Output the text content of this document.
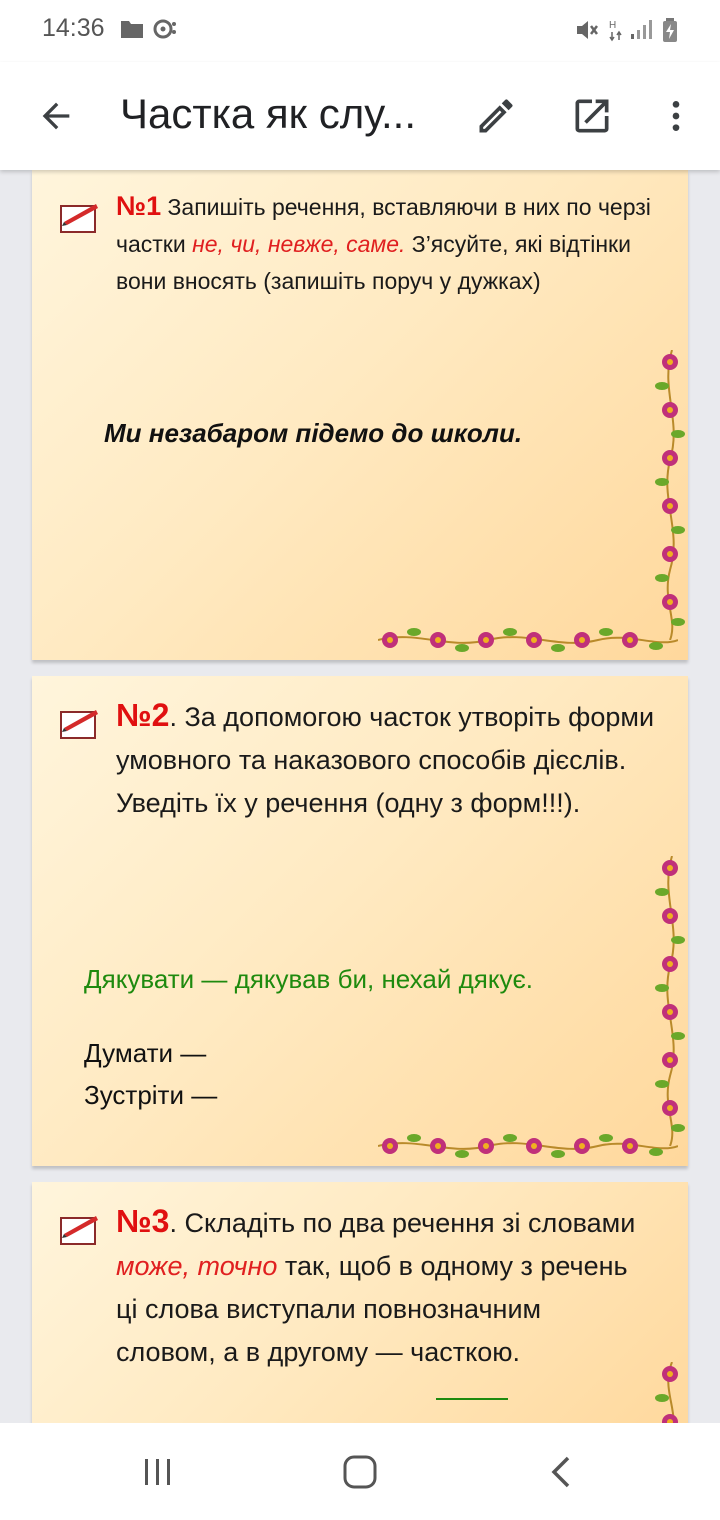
14:36	H
Частка як слу...
№1 Запишіть речення, вставляючи в них по черзі частки не, чи, невже, саме. З’ясуйте, які відтінки вони вносять (запишіть поруч у дужках)
Ми незабаром підемо до школи.
№2. За допомогою часток утворіть форми умовного та наказового способів дієслів. Уведіть їх у речення (одну з форм!!!).
Дякувати — дякував би, нехай дякує.
Думати —
Зустріти —
№3. Складіть по два речення зі словами може, точно так, щоб в одному з речень ці слова виступали повнозначним словом, а в другому — часткою.
